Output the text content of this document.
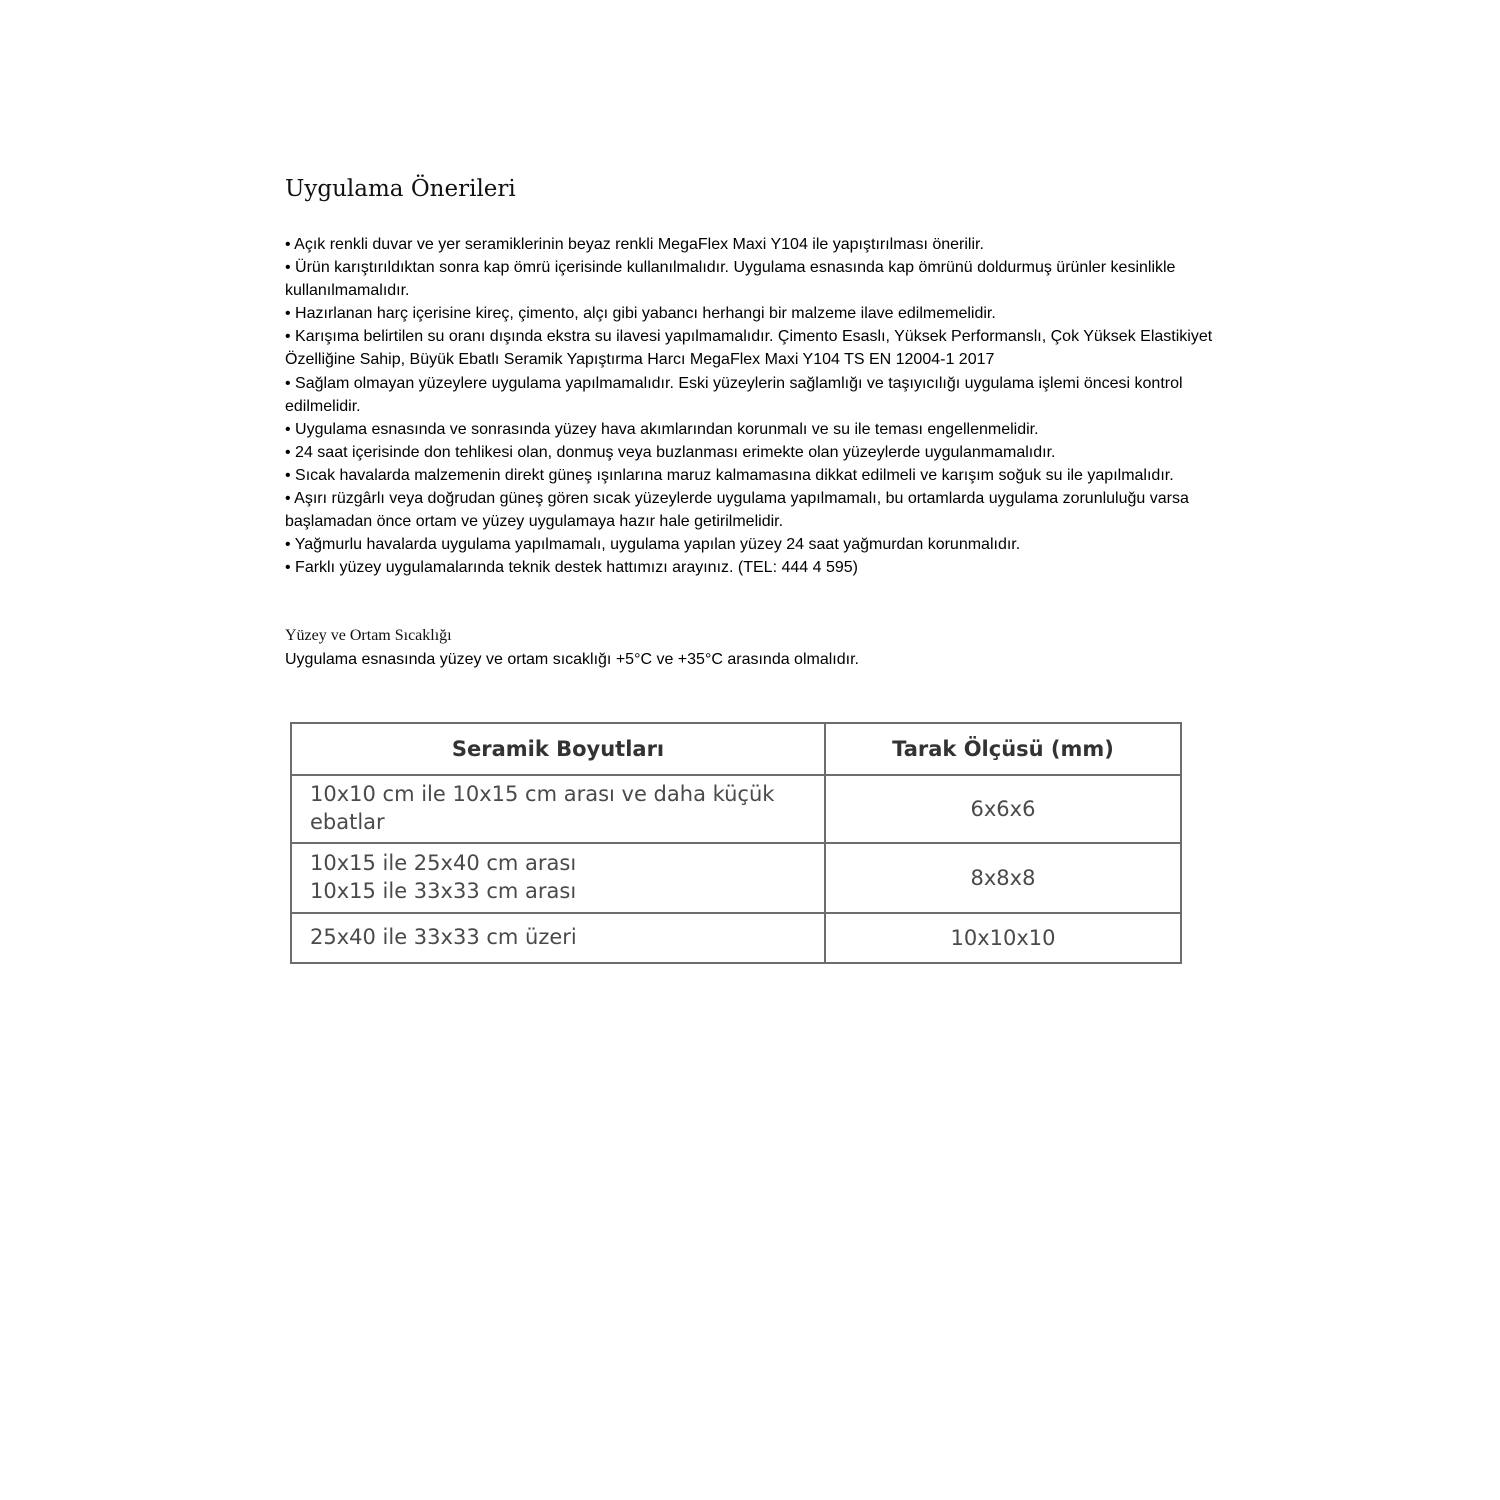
Uygulama Önerileri
• Açık renkli duvar ve yer seramiklerinin beyaz renkli MegaFlex Maxi Y104 ile yapıştırılması önerilir.
• Ürün karıştırıldıktan sonra kap ömrü içerisinde kullanılmalıdır. Uygulama esnasında kap ömrünü doldurmuş ürünler kesinlikle kullanılmamalıdır.
• Hazırlanan harç içerisine kireç, çimento, alçı gibi yabancı herhangi bir malzeme ilave edilmemelidir.
• Karışıma belirtilen su oranı dışında ekstra su ilavesi yapılmamalıdır. Çimento Esaslı, Yüksek Performanslı, Çok Yüksek Elastikiyet Özelliğine Sahip, Büyük Ebatlı Seramik Yapıştırma Harcı MegaFlex Maxi Y104 TS EN 12004-1 2017
• Sağlam olmayan yüzeylere uygulama yapılmamalıdır. Eski yüzeylerin sağlamlığı ve taşıyıcılığı uygulama işlemi öncesi kontrol edilmelidir.
• Uygulama esnasında ve sonrasında yüzey hava akımlarından korunmalı ve su ile teması engellenmelidir.
• 24 saat içerisinde don tehlikesi olan, donmuş veya buzlanması erimekte olan yüzeylerde uygulanmamalıdır.
• Sıcak havalarda malzemenin direkt güneş ışınlarına maruz kalmamasına dikkat edilmeli ve karışım soğuk su ile yapılmalıdır.
• Aşırı rüzgârlı veya doğrudan güneş gören sıcak yüzeylerde uygulama yapılmamalı, bu ortamlarda uygulama zorunluluğu varsa başlamadan önce ortam ve yüzey uygulamaya hazır hale getirilmelidir.
• Yağmurlu havalarda uygulama yapılmamalı, uygulama yapılan yüzey 24 saat yağmurdan korunmalıdır.
• Farklı yüzey uygulamalarında teknik destek hattımızı arayınız. (TEL: 444 4 595)
Yüzey ve Ortam Sıcaklığı

Uygulama esnasında yüzey ve ortam sıcaklığı +5°C ve +35°C arasında olmalıdır.

Seramik Boyutları	Tarak Ölçüsü (mm)

10x10 cm ile 10x15 cm arası ve daha küçük
ebatlar	6x6x6

10x15 ile 25x40 cm arası
10x15 ile 33x33 cm arası	8x8x8

25x40 ile 33x33 cm üzeri	10x10x10
